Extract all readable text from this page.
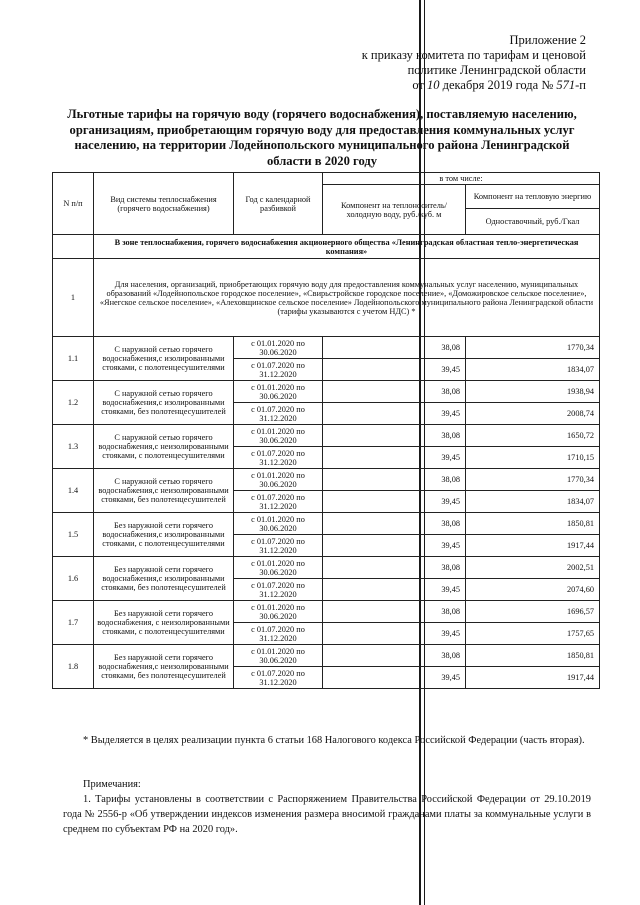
Приложение 2
к приказу комитета по тарифам и ценовой
политике Ленинградской области
от 10 декабря 2019 года № 571-п
Льготные тарифы на горячую воду (горячего водоснабжения), поставляемую населению,
организациям, приобретающим горячую воду для предоставления коммунальных услуг
населению, на территории Лодейнопольского муниципального района Ленинградской
области в 2020 году
N п/п	Вид системы теплоснабжения (горячего водоснабжения)	Год с календарной разбивкой	в том числе:	
			Компонент на теплоноситель/холодную воду, руб./куб. м	Компонент на тепловую энергию
				Одноставочный, руб./Гкал
	В зоне теплоснабжения, горячего водоснабжения акционерного общества «Ленинградская областная тепло-энергетическая компания»			
1	Для населения, организаций, приобретающих горячую воду для предоставления коммунальных услуг населению, муниципальных образований «Лодейнопольское городское поселение», «Свирьстройское городское поселение», «Доможировское сельское поселение», «Янегское сельское поселение», «Алеховщинское сельское поселение» Лодейнопольского муниципального района Ленинградской области (тарифы указываются с учетом НДС) *			
1.1	С наружной сетью горячего водоснабжения,с изолированными стояками, с полотенцесушителями	с 01.01.2020 по 30.06.2020	38,08	1770,34
		с 01.07.2020 по 31.12.2020	39,45	1834,07
1.2	С наружной сетью горячего водоснабжения,с изолированными стояками, без полотенцесушителей	с 01.01.2020 по 30.06.2020	38,08	1938,94
		с 01.07.2020 по 31.12.2020	39,45	2008,74
1.3	С наружной сетью горячего водоснабжения,с неизолированными стояками, с полотенцесушителями	с 01.01.2020 по 30.06.2020	38,08	1650,72
		с 01.07.2020 по 31.12.2020	39,45	1710,15
1.4	С наружной сетью горячего водоснабжения,с неизолированными стояками, без полотенцесушителей	с 01.01.2020 по 30.06.2020	38,08	1770,34
		с 01.07.2020 по 31.12.2020	39,45	1834,07
1.5	Без наружной сети горячего водоснабжения,с изолированными стояками, с полотенцесушителями	с 01.01.2020 по 30.06.2020	38,08	1850,81
		с 01.07.2020 по 31.12.2020	39,45	1917,44
1.6	Без наружной сети горячего водоснабжения,с изолированными стояками, без полотенцесушителей	с 01.01.2020 по 30.06.2020	38,08	2002,51
		с 01.07.2020 по 31.12.2020	39,45	2074,60
1.7	Без наружной сети горячего водоснабжения, с неизолированными стояками, с полотенцесушителями	с 01.01.2020 по 30.06.2020	38,08	1696,57
		с 01.07.2020 по 31.12.2020	39,45	1757,65
1.8	Без наружной сети горячего водоснабжения,с неизолированными стояками, без полотенцесушителей	с 01.01.2020 по 30.06.2020	38,08	1850,81
		с 01.07.2020 по 31.12.2020	39,45	1917,44
* Выделяется в целях реализации пункта 6 статьи 168 Налогового кодекса Российской Федерации (часть вторая).
Примечания:
1. Тарифы установлены в соответствии с Распоряжением Правительства Российской Федерации от 29.10.2019 года № 2556-р «Об утверждении индексов изменения размера вносимой гражданами платы за коммунальные услуги в среднем по субъектам РФ на 2020 год».
